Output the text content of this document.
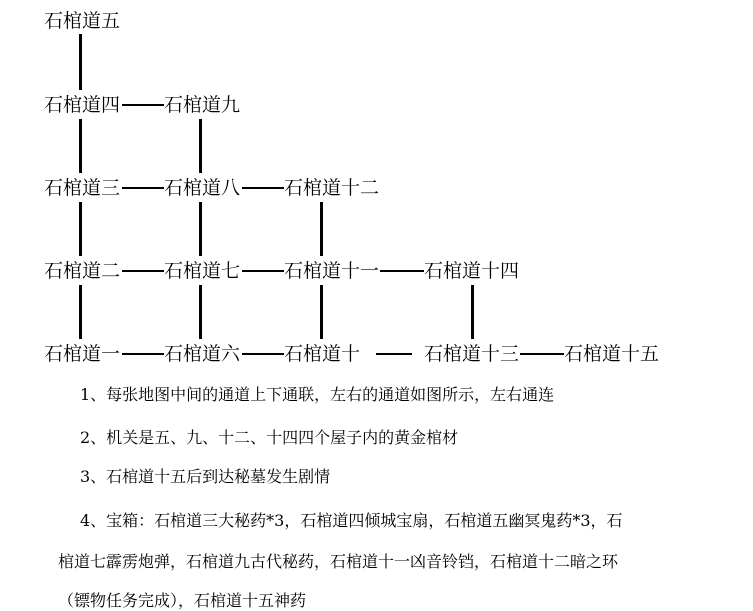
石棺道五
石棺道四 石棺道九
石棺道三 石棺道八 石棺道十二
石棺道二 石棺道七 石棺道十一 石棺道十四
石棺道一 石棺道六 石棺道十	石棺道十三 石棺道十五
1、每张地图中间的通道上下通联，左右的通道如图所示，左右通连
2、机关是五、九、十二、十四四个屋子内的黄金棺材
3、石棺道十五后到达秘墓发生剧情
4、宝箱：石棺道三大秘药*3，石棺道四倾城宝扇，石棺道五幽冥鬼药*3，石
棺道七霹雳炮弹，石棺道九古代秘药，石棺道十一凶音铃铛，石棺道十二暗之环
（镖物任务完成），石棺道十五神药
